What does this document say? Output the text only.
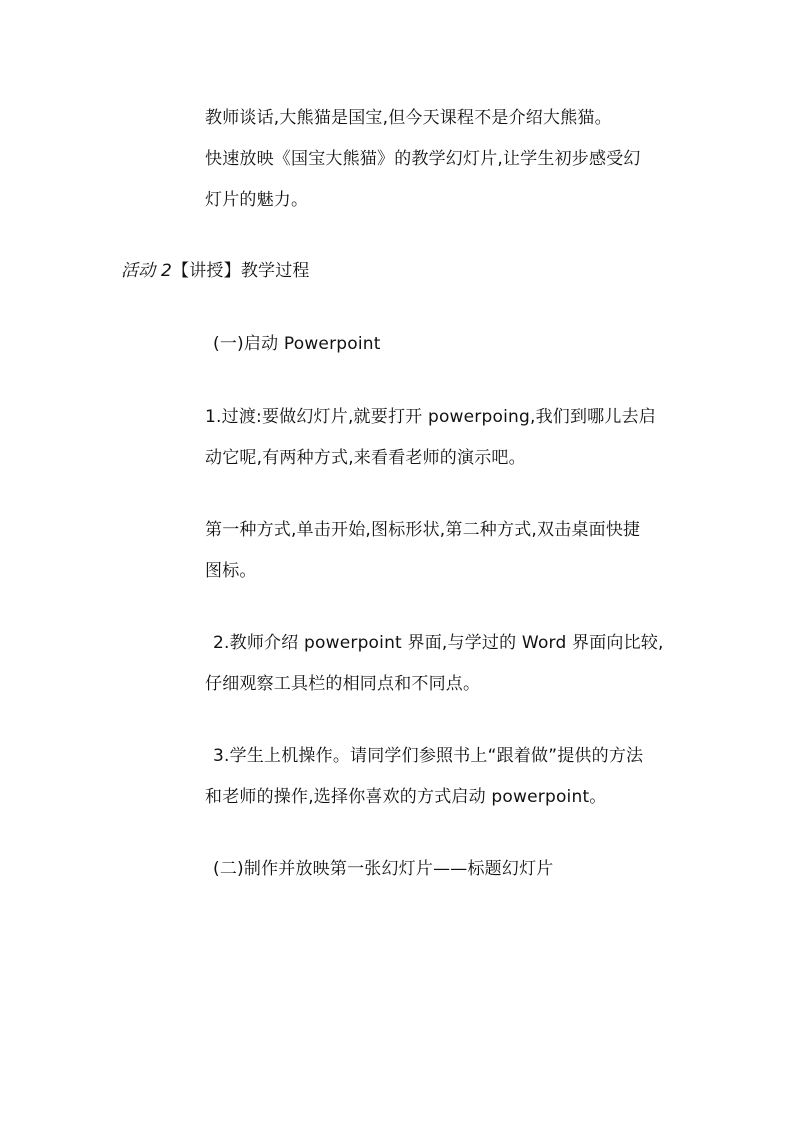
教师谈话,大熊猫是国宝,但今天课程不是介绍大熊猫。
快速放映《国宝大熊猫》的教学幻灯片,让学生初步感受幻
灯片的魅力。
活动 2【讲授】教学过程
(一)启动 Powerpoint
1.过渡:要做幻灯片,就要打开 powerpoing,我们到哪儿去启
动它呢,有两种方式,来看看老师的演示吧。
第一种方式,单击开始,图标形状,第二种方式,双击桌面快捷
图标。
2.教师介绍 powerpoint 界面,与学过的 Word 界面向比较,
仔细观察工具栏的相同点和不同点。
3.学生上机操作。请同学们参照书上“跟着做”提供的方法
和老师的操作,选择你喜欢的方式启动 powerpoint。
(二)制作并放映第一张幻灯片——标题幻灯片
